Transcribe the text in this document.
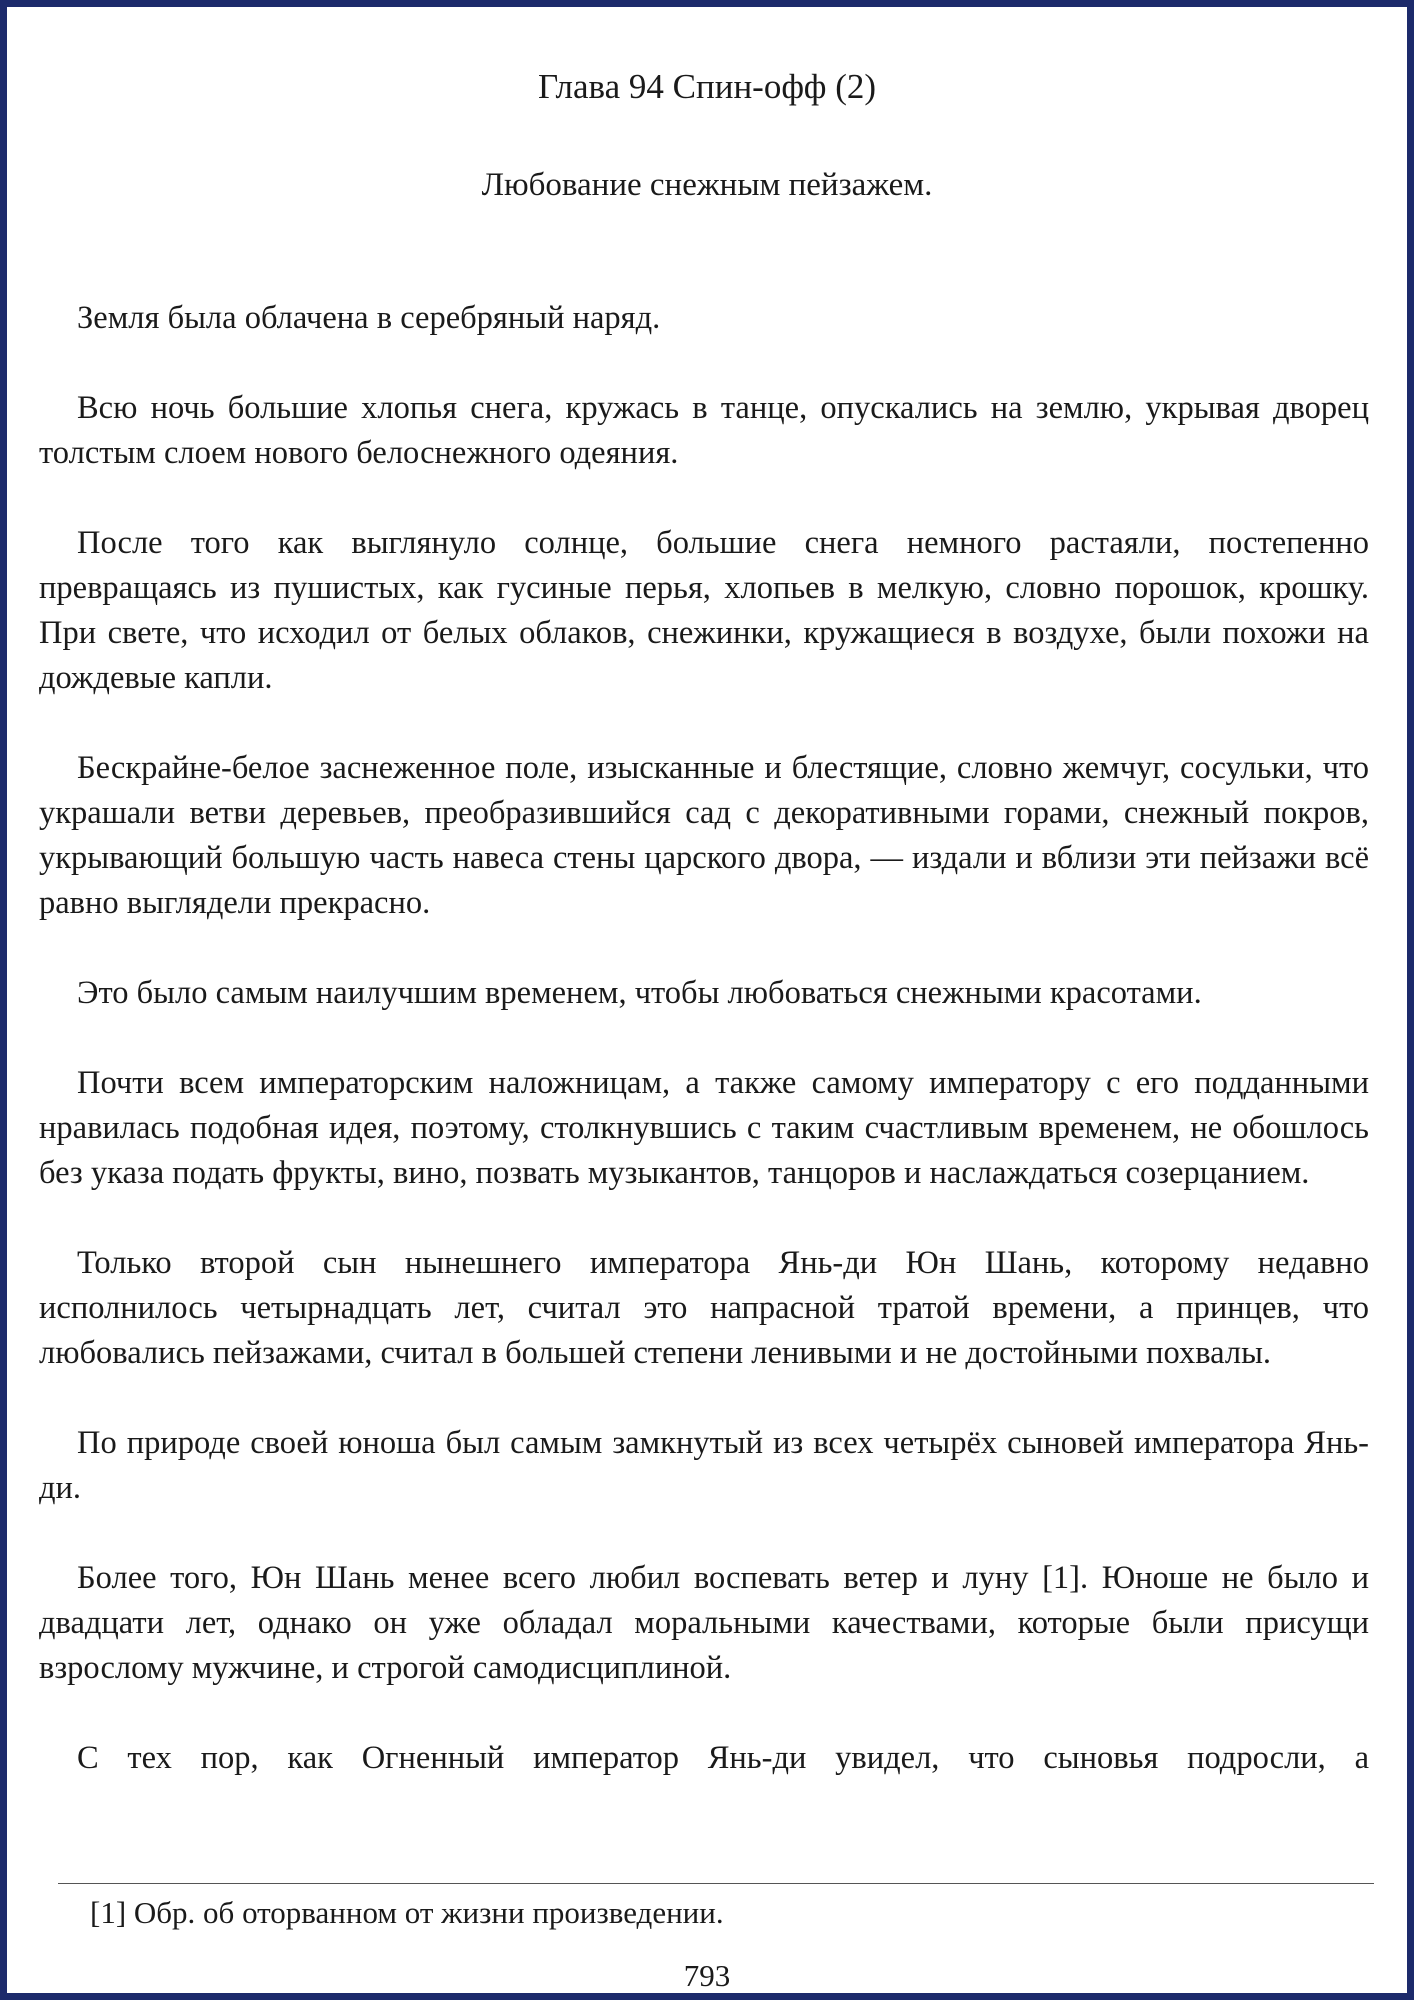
Глава 94 Спин-офф (2)
Любование снежным пейзажем.

Земля была облачена в серебряный наряд.

Всю ночь большие хлопья снега, кружась в танце, опускались на землю, укрывая дворец толстым слоем нового белоснежного одеяния.

После того как выглянуло солнце, большие снега немного растаяли, постепенно превращаясь из пушистых, как гусиные перья, хлопьев в мелкую, словно порошок, крошку. При свете, что исходил от белых облаков, снежинки, кружащиеся в воздухе, были похожи на дождевые капли.

Бескрайне-белое заснеженное поле, изысканные и блестящие, словно жемчуг, сосульки, что украшали ветви деревьев, преобразившийся сад с декоративными горами, снежный покров, укрывающий большую часть навеса стены царского двора, — издали и вблизи эти пейзажи всё равно выглядели прекрасно.

Это было самым наилучшим временем, чтобы любоваться снежными красотами.

Почти всем императорским наложницам, а также самому императору с его подданными нравилась подобная идея, поэтому, столкнувшись с таким счастливым временем, не обошлось без указа подать фрукты, вино, позвать музыкантов, танцоров и наслаждаться созерцанием.

Только второй сын нынешнего императора Янь-ди Юн Шань, которому недавно исполнилось четырнадцать лет, считал это напрасной тратой времени, а принцев, что любовались пейзажами, считал в большей степени ленивыми и не достойными похвалы.

По природе своей юноша был самым замкнутый из всех четырёх сыновей императора Янь-ди.

Более того, Юн Шань менее всего любил воспевать ветер и луну [1]. Юноше не было и двадцати лет, однако он уже обладал моральными качествами, которые были присущи взрослому мужчине, и строгой самодисциплиной.

С тех пор, как Огненный император Янь-ди увидел, что сыновья подросли, а

[1] Обр. об оторванном от жизни произведении.

793
